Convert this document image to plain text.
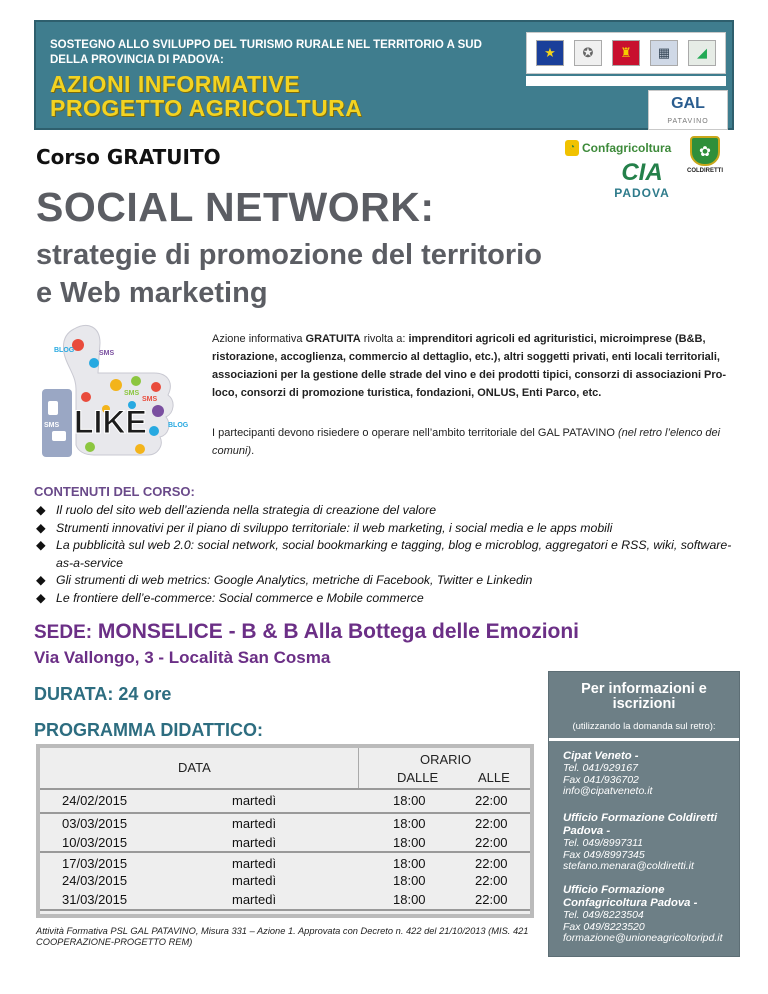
SOSTEGNO ALLO SVILUPPO DEL TURISMO RURALE NEL TERRITORIO A SUD DELLA PROVINCIA DI PADOVA:
AZIONI INFORMATIVE
PROGETTO AGRICOLTURA
★	✪	♜	▦	◢
GAL
PATAVINO
◔ Confagricoltura
CIA
PADOVA
✿
COLDIRETTI
Corso GRATUITO
SOCIAL NETWORK:
strategie di promozione del territorio
e Web marketing
BLOG	SMS
SMS
SMS	BLOG
SMS
LIKE
Azione informativa GRATUITA rivolta a: imprenditori agricoli ed agrituristici, microimprese (B&B, ristorazione, accoglienza, commercio al dettaglio, etc.), altri soggetti privati, enti locali territoriali, associazioni per la gestione delle strade del vino e dei prodotti tipici, consorzi di associazioni Pro-loco, consorzi di promozione turistica, fondazioni, ONLUS, Enti Parco, etc.
I partecipanti devono risiedere o operare nell’ambito territoriale del GAL PATAVINO (nel retro l’elenco dei comuni).
CONTENUTI DEL CORSO:
◆ Il ruolo del sito web dell’azienda nella strategia di creazione del valore
◆ Strumenti innovativi per il piano di sviluppo territoriale: il web marketing, i social media e le apps mobili
◆ La pubblicità sul web 2.0: social network, social bookmarking e tagging, blog e microblog, aggregatori e RSS, wiki, software-as-a-service
◆ Gli strumenti di web metrics: Google Analytics, metriche di Facebook, Twitter e Linkedin
◆ Le frontiere dell’e-commerce: Social commerce e Mobile commerce
SEDE: MONSELICE - B & B Alla Bottega delle Emozioni
Via Vallongo, 3 - Località San Cosma
DURATA: 24 ore
PROGRAMMA DIDATTICO:
DATA
ORARIO
DALLE	ALLE
24/02/2015	martedì	18:00	22:00
03/03/2015	martedì	18:00	22:00
10/03/2015	martedì	18:00	22:00
17/03/2015	martedì	18:00	22:00
24/03/2015	martedì	18:00	22:00
31/03/2015	martedì	18:00	22:00
Attività Formativa PSL GAL PATAVINO, Misura 331 – Azione 1. Approvata con Decreto n. 422 del 21/10/2013 (MIS. 421 COOPERAZIONE-PROGETTO REM)
Per informazioni e
iscrizioni
(utilizzando la domanda sul retro):
Cipat Veneto -
Tel. 041/929167
Fax 041/936702
info@cipatveneto.it
Ufficio Formazione Coldiretti Padova -
Tel. 049/8997311
Fax 049/8997345
stefano.menara@coldiretti.it
Ufficio Formazione Confagricoltura Padova -
Tel. 049/8223504
Fax 049/8223520
formazione@unioneagricoltoripd.it
